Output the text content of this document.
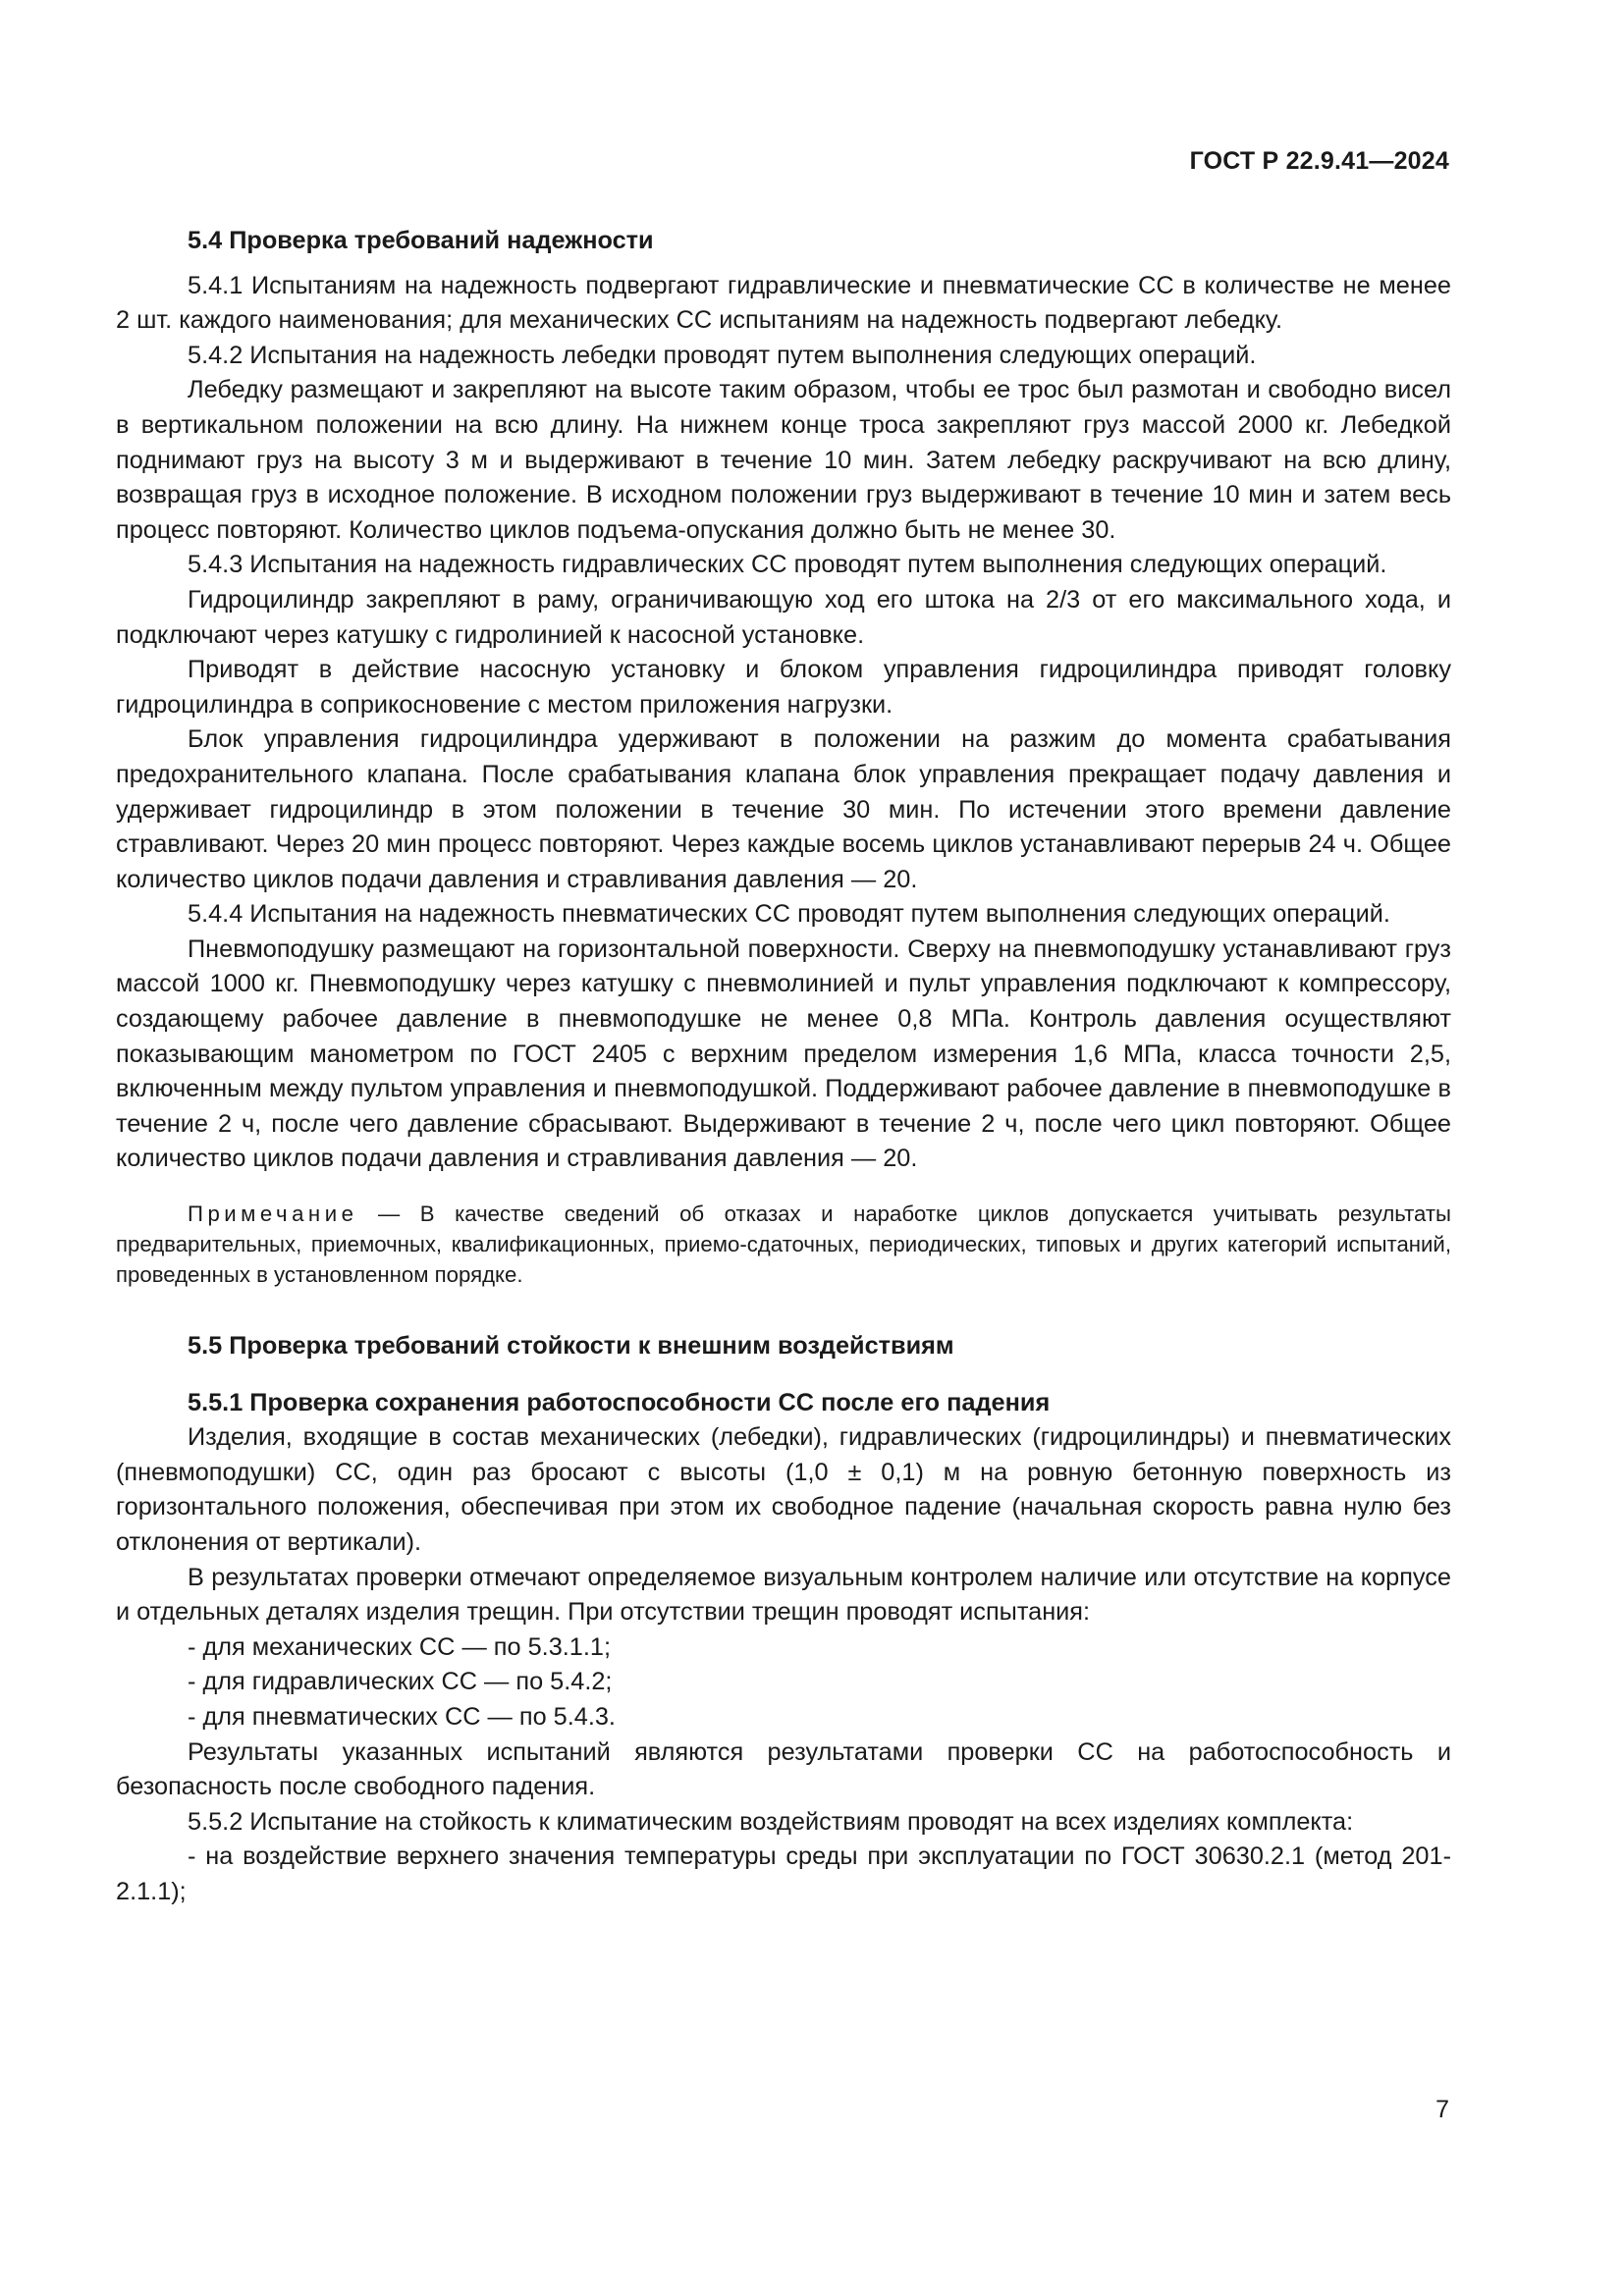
ГОСТ Р 22.9.41—2024

5.4 Проверка требований надежности

5.4.1 Испытаниям на надежность подвергают гидравлические и пневматические СС в количестве не менее 2 шт. каждого наименования; для механических СС испытаниям на надежность подвергают лебедку.

5.4.2 Испытания на надежность лебедки проводят путем выполнения следующих операций.

Лебедку размещают и закрепляют на высоте таким образом, чтобы ее трос был размотан и свободно висел в вертикальном положении на всю длину. На нижнем конце троса закрепляют груз массой 2000 кг. Лебедкой поднимают груз на высоту 3 м и выдерживают в течение 10 мин. Затем лебедку раскручивают на всю длину, возвращая груз в исходное положение. В исходном положении груз выдерживают в течение 10 мин и затем весь процесс повторяют. Количество циклов подъема-опускания должно быть не менее 30.

5.4.3 Испытания на надежность гидравлических СС проводят путем выполнения следующих операций.

Гидроцилиндр закрепляют в раму, ограничивающую ход его штока на 2/3 от его максимального хода, и подключают через катушку с гидролинией к насосной установке.

Приводят в действие насосную установку и блоком управления гидроцилиндра приводят головку гидроцилиндра в соприкосновение с местом приложения нагрузки.

Блок управления гидроцилиндра удерживают в положении на разжим до момента срабатывания предохранительного клапана. После срабатывания клапана блок управления прекращает подачу давления и удерживает гидроцилиндр в этом положении в течение 30 мин. По истечении этого времени давление стравливают. Через 20 мин процесс повторяют. Через каждые восемь циклов устанавливают перерыв 24 ч. Общее количество циклов подачи давления и стравливания давления — 20.

5.4.4 Испытания на надежность пневматических СС проводят путем выполнения следующих операций.

Пневмоподушку размещают на горизонтальной поверхности. Сверху на пневмоподушку устанавливают груз массой 1000 кг. Пневмоподушку через катушку с пневмолинией и пульт управления подключают к компрессору, создающему рабочее давление в пневмоподушке не менее 0,8 МПа. Контроль давления осуществляют показывающим манометром по ГОСТ 2405 с верхним пределом измерения 1,6 МПа, класса точности 2,5, включенным между пультом управления и пневмоподушкой. Поддерживают рабочее давление в пневмоподушке в течение 2 ч, после чего давление сбрасывают. Выдерживают в течение 2 ч, после чего цикл повторяют. Общее количество циклов подачи давления и стравливания давления — 20.

Примечание — В качестве сведений об отказах и наработке циклов допускается учитывать результаты предварительных, приемочных, квалификационных, приемо-сдаточных, периодических, типовых и других категорий испытаний, проведенных в установленном порядке.

5.5 Проверка требований стойкости к внешним воздействиям

5.5.1 Проверка сохранения работоспособности СС после его падения

Изделия, входящие в состав механических (лебедки), гидравлических (гидроцилиндры) и пневматических (пневмоподушки) СС, один раз бросают с высоты (1,0 ± 0,1) м на ровную бетонную поверхность из горизонтального положения, обеспечивая при этом их свободное падение (начальная скорость равна нулю без отклонения от вертикали).

В результатах проверки отмечают определяемое визуальным контролем наличие или отсутствие на корпусе и отдельных деталях изделия трещин. При отсутствии трещин проводят испытания:

- для механических СС — по 5.3.1.1;

- для гидравлических СС — по 5.4.2;

- для пневматических СС — по 5.4.3.

Результаты указанных испытаний являются результатами проверки СС на работоспособность и безопасность после свободного падения.

5.5.2 Испытание на стойкость к климатическим воздействиям проводят на всех изделиях комплекта:

- на воздействие верхнего значения температуры среды при эксплуатации по ГОСТ 30630.2.1 (метод 201-2.1.1);

7
